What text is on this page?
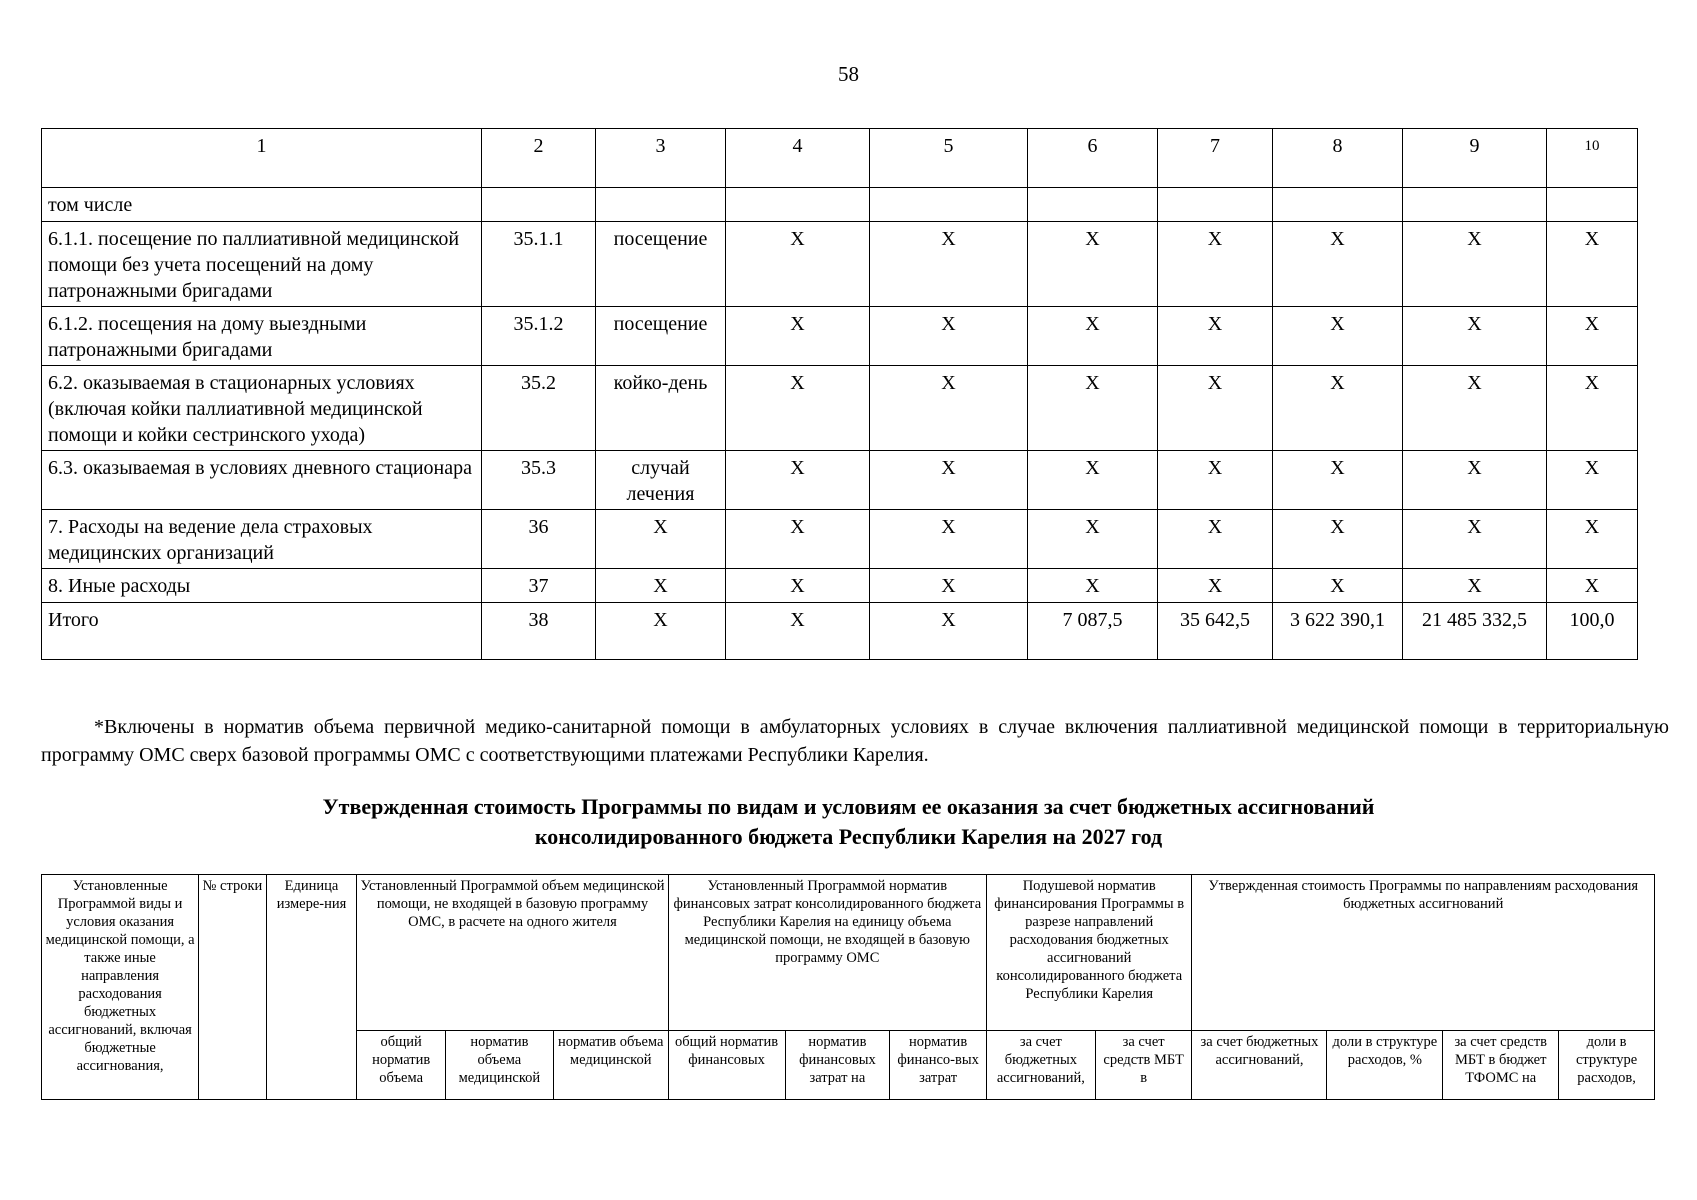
58
1	2	3	4	5	6	7	8	9	10
том числе									
6.1.1. посещение по паллиативной медицинской помощи без учета посещений на дому патронажными бригадами	35.1.1	посещение	X	X	X	X	X	X	X
6.1.2. посещения на дому выездными патронажными бригадами	35.1.2	посещение	X	X	X	X	X	X	X
6.2. оказываемая в стационарных условиях (включая койки паллиативной медицинской помощи и койки сестринского ухода)	35.2	койко-день	X	X	X	X	X	X	X
6.3. оказываемая в условиях дневного стационара	35.3	случай лечения	X	X	X	X	X	X	X
7. Расходы на ведение дела страховых медицинских организаций	36	X	X	X	X	X	X	X	X
8. Иные расходы	37	X	X	X	X	X	X	X	X
Итого	38	X	X	X	7 087,5	35 642,5	3 622 390,1	21 485 332,5	100,0

*Включены в норматив объема первичной медико-санитарной помощи в амбулаторных условиях в случае включения паллиативной медицинской помощи в территориальную программу ОМС сверх базовой программы ОМС с соответствующими платежами Республики Карелия.

Утвержденная стоимость Программы по видам и условиям ее оказания за счет бюджетных ассигнований
консолидированного бюджета Республики Карелия на 2027 год
Установленные Программой виды и условия оказания медицинской помощи, а также иные направления расходования бюджетных ассигнований, включая бюджетные ассигнования,	№ строки	Единица измере-ния	Установленный Программой объем медицинской помощи, не входящей в базовую программу ОМС, в расчете на одного жителя			Установленный Программой норматив финансовых затрат консолидированного бюджета Республики Карелия на единицу объема медицинской помощи, не входящей в базовую программу ОМС			Подушевой норматив финансирования Программы в разрезе направлений расходования бюджетных ассигнований консолидированного бюджета Республики Карелия		Утвержденная стоимость Программы по направлениям расходования бюджетных ассигнований			
			общий норматив объема	норматив объема медицинской	норматив объема медицинской	общий норматив финансовых	норматив финансовых затрат на	норматив финансо-вых затрат	за счет бюджетных ассигнований,	за счет средств МБТ в	за счет бюджетных ассигнований,	доли в структуре расходов, %	за счет средств МБТ в бюджет ТФОМС на	доли в структуре расходов,
